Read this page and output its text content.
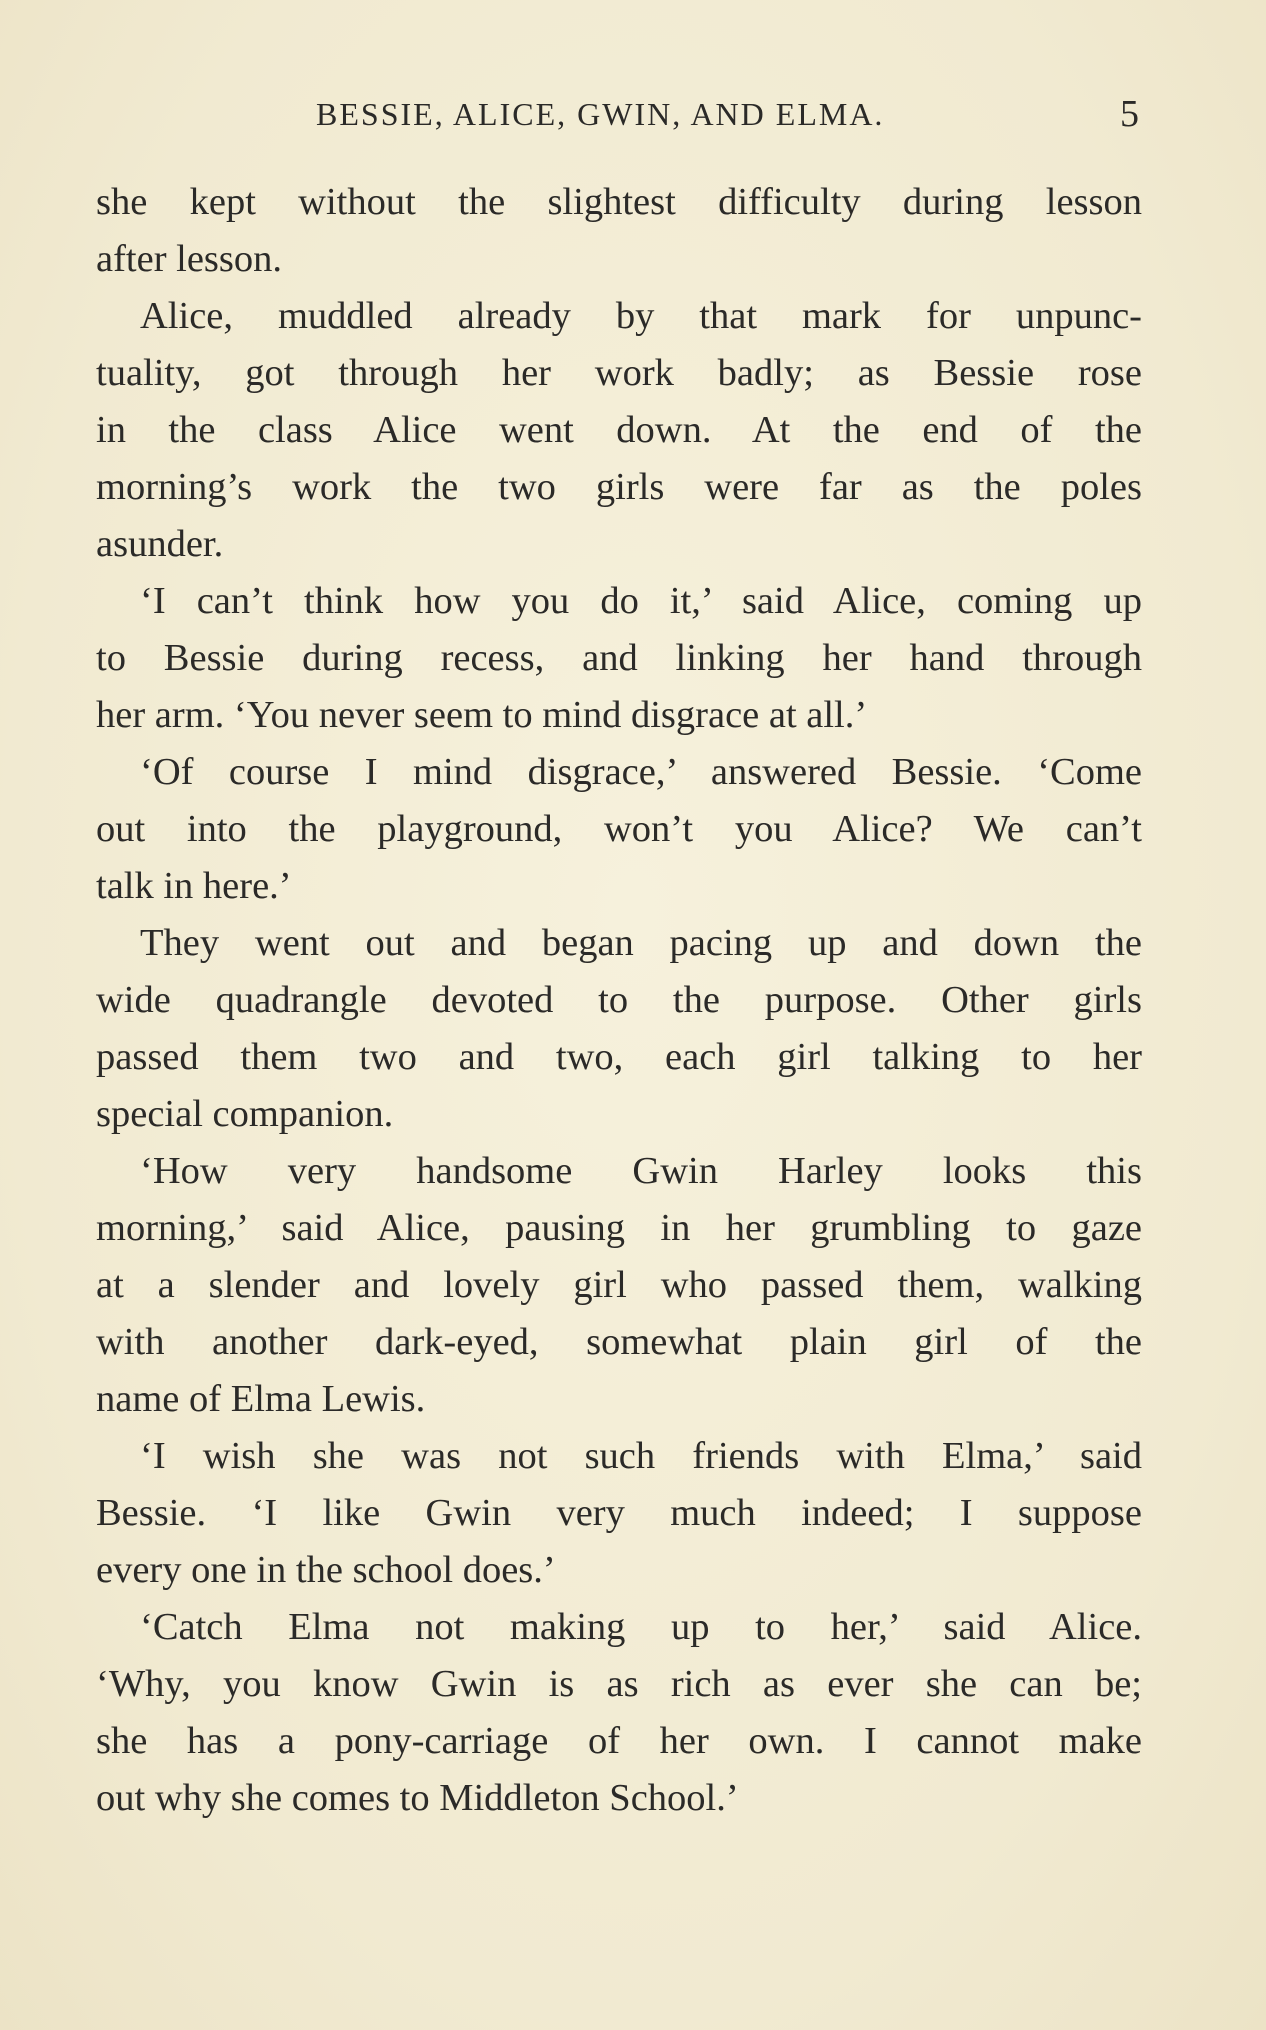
BESSIE, ALICE, GWIN, AND ELMA.	5

she kept without the slightest difficulty during lesson
after lesson.

Alice, muddled already by that mark for unpunc-
tuality, got through her work badly; as Bessie rose
in the class Alice went down. At the end of the
morning’s work the two girls were far as the poles
asunder.

‘I can’t think how you do it,’ said Alice, coming up
to Bessie during recess, and linking her hand through
her arm. ‘You never seem to mind disgrace at all.’

‘Of course I mind disgrace,’ answered Bessie. ‘Come
out into the playground, won’t you Alice? We can’t
talk in here.’

They went out and began pacing up and down the
wide quadrangle devoted to the purpose. Other girls
passed them two and two, each girl talking to her
special companion.

‘How very handsome Gwin Harley looks this
morning,’ said Alice, pausing in her grumbling to gaze
at a slender and lovely girl who passed them, walking
with another dark-eyed, somewhat plain girl of the
name of Elma Lewis.

‘I wish she was not such friends with Elma,’ said
Bessie. ‘I like Gwin very much indeed; I suppose
every one in the school does.’

‘Catch Elma not making up to her,’ said Alice.
‘Why, you know Gwin is as rich as ever she can be;
she has a pony-carriage of her own. I cannot make
out why she comes to Middleton School.’
